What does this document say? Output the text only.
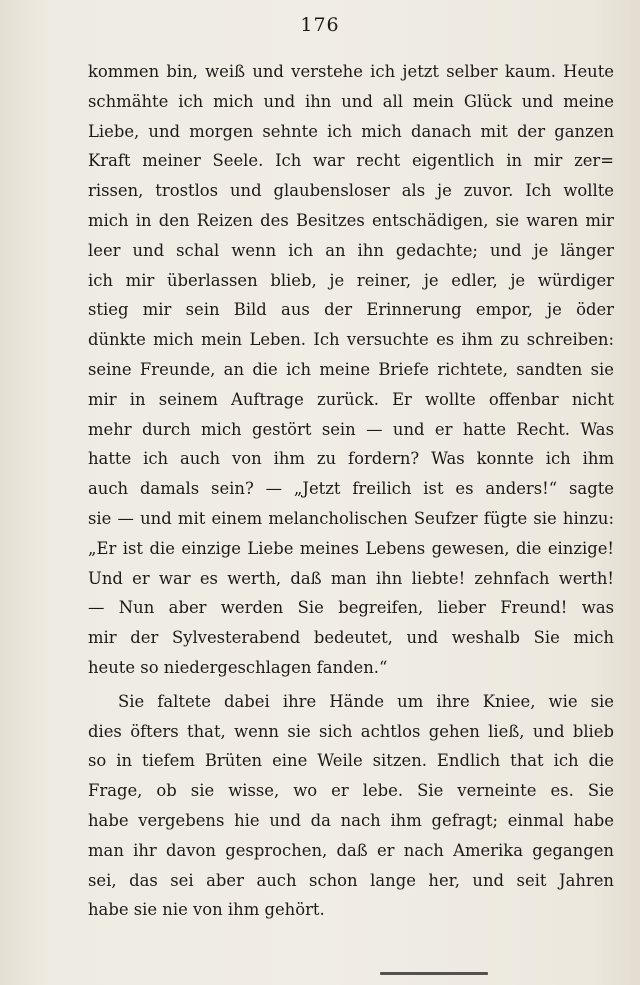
176
kommen bin, weiß und verstehe ich jetzt selber kaum. Heute
schmähte ich mich und ihn und all mein Glück und meine
Liebe, und morgen sehnte ich mich danach mit der ganzen
Kraft meiner Seele. Ich war recht eigentlich in mir zer=
rissen, trostlos und glaubensloser als je zuvor. Ich wollte
mich in den Reizen des Besitzes entschädigen, sie waren mir
leer und schal wenn ich an ihn gedachte; und je länger
ich mir überlassen blieb, je reiner, je edler, je würdiger
stieg mir sein Bild aus der Erinnerung empor, je öder
dünkte mich mein Leben. Ich versuchte es ihm zu schreiben:
seine Freunde, an die ich meine Briefe richtete, sandten sie
mir in seinem Auftrage zurück. Er wollte offenbar nicht
mehr durch mich gestört sein — und er hatte Recht. Was
hatte ich auch von ihm zu fordern? Was konnte ich ihm
auch damals sein? — „Jetzt freilich ist es anders!“ sagte
sie — und mit einem melancholischen Seufzer fügte sie hinzu:
„Er ist die einzige Liebe meines Lebens gewesen, die einzige!
Und er war es werth, daß man ihn liebte! zehnfach werth!
— Nun aber werden Sie begreifen, lieber Freund! was
mir der Sylvesterabend bedeutet, und weshalb Sie mich
heute so niedergeschlagen fanden.“
Sie faltete dabei ihre Hände um ihre Kniee, wie sie
dies öfters that, wenn sie sich achtlos gehen ließ, und blieb
so in tiefem Brüten eine Weile sitzen. Endlich that ich die
Frage, ob sie wisse, wo er lebe. Sie verneinte es. Sie
habe vergebens hie und da nach ihm gefragt; einmal habe
man ihr davon gesprochen, daß er nach Amerika gegangen
sei, das sei aber auch schon lange her, und seit Jahren
habe sie nie von ihm gehört.
